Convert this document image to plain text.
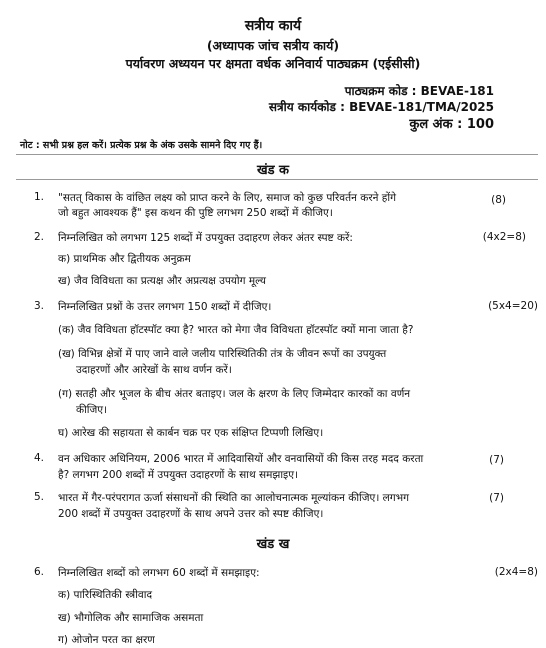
सत्रीय कार्य
(अध्यापक जांच सत्रीय कार्य)
पर्यावरण अध्ययन पर क्षमता वर्धक अनिवार्य पाठ्यक्रम (एईसीसी)
पाठ्यक्रम कोड : BEVAE-181
सत्रीय कार्यकोड : BEVAE-181/TMA/2025
कुल अंक : 100
नोट : सभी प्रश्न हल करें। प्रत्येक प्रश्न के अंक उसके सामने दिए गए हैं।
खंड क
1. "सतत् विकास के वांछित लक्ष्य को प्राप्त करने के लिए, समाज को कुछ परिवर्तन करने होंगे
जो बहुत आवश्यक हैं" इस कथन की पुष्टि लगभग 250 शब्दों में कीजिए।
(8)
2. निम्नलिखित को लगभग 125 शब्दों में उपयुक्त उदाहरण लेकर अंतर स्पष्ट करें:	(4x2=8)
क) प्राथमिक और द्वितीयक अनुक्रम
ख) जैव विविधता का प्रत्यक्ष और अप्रत्यक्ष उपयोग मूल्य
3. निम्नलिखित प्रश्नों के उत्तर लगभग 150 शब्दों में दीजिए।	(5x4=20)
(क) जैव विविधता हॉटस्पॉट क्या है? भारत को मेगा जैव विविधता हॉटस्पॉट क्यों माना जाता है?
(ख) विभिन्न क्षेत्रों में पाए जाने वाले जलीय पारिस्थितिकी तंत्र के जीवन रूपों का उपयुक्त
उदाहरणों और आरेखों के साथ वर्णन करें।
(ग) सतही और भूजल के बीच अंतर बताइए। जल के क्षरण के लिए जिम्मेदार कारकों का वर्णन
कीजिए।
घ) आरेख की सहायता से कार्बन चक्र पर एक संक्षिप्त टिप्पणी लिखिए।
4. वन अधिकार अधिनियम, 2006 भारत में आदिवासियों और वनवासियों की किस तरह मदद करता
है? लगभग 200 शब्दों में उपयुक्त उदाहरणों के साथ समझाइए।
(7)
5. भारत में गैर-परंपरागत ऊर्जा संसाधनों की स्थिति का आलोचनात्मक मूल्यांकन कीजिए। लगभग
200 शब्दों में उपयुक्त उदाहरणों के साथ अपने उत्तर को स्पष्ट कीजिए।
(7)
खंड ख
6. निम्नलिखित शब्दों को लगभग 60 शब्दों में समझाइए:	(2x4=8)
क) पारिस्थितिकी स्त्रीवाद
ख) भौगोलिक और सामाजिक असमता
ग) ओजोन परत का क्षरण
